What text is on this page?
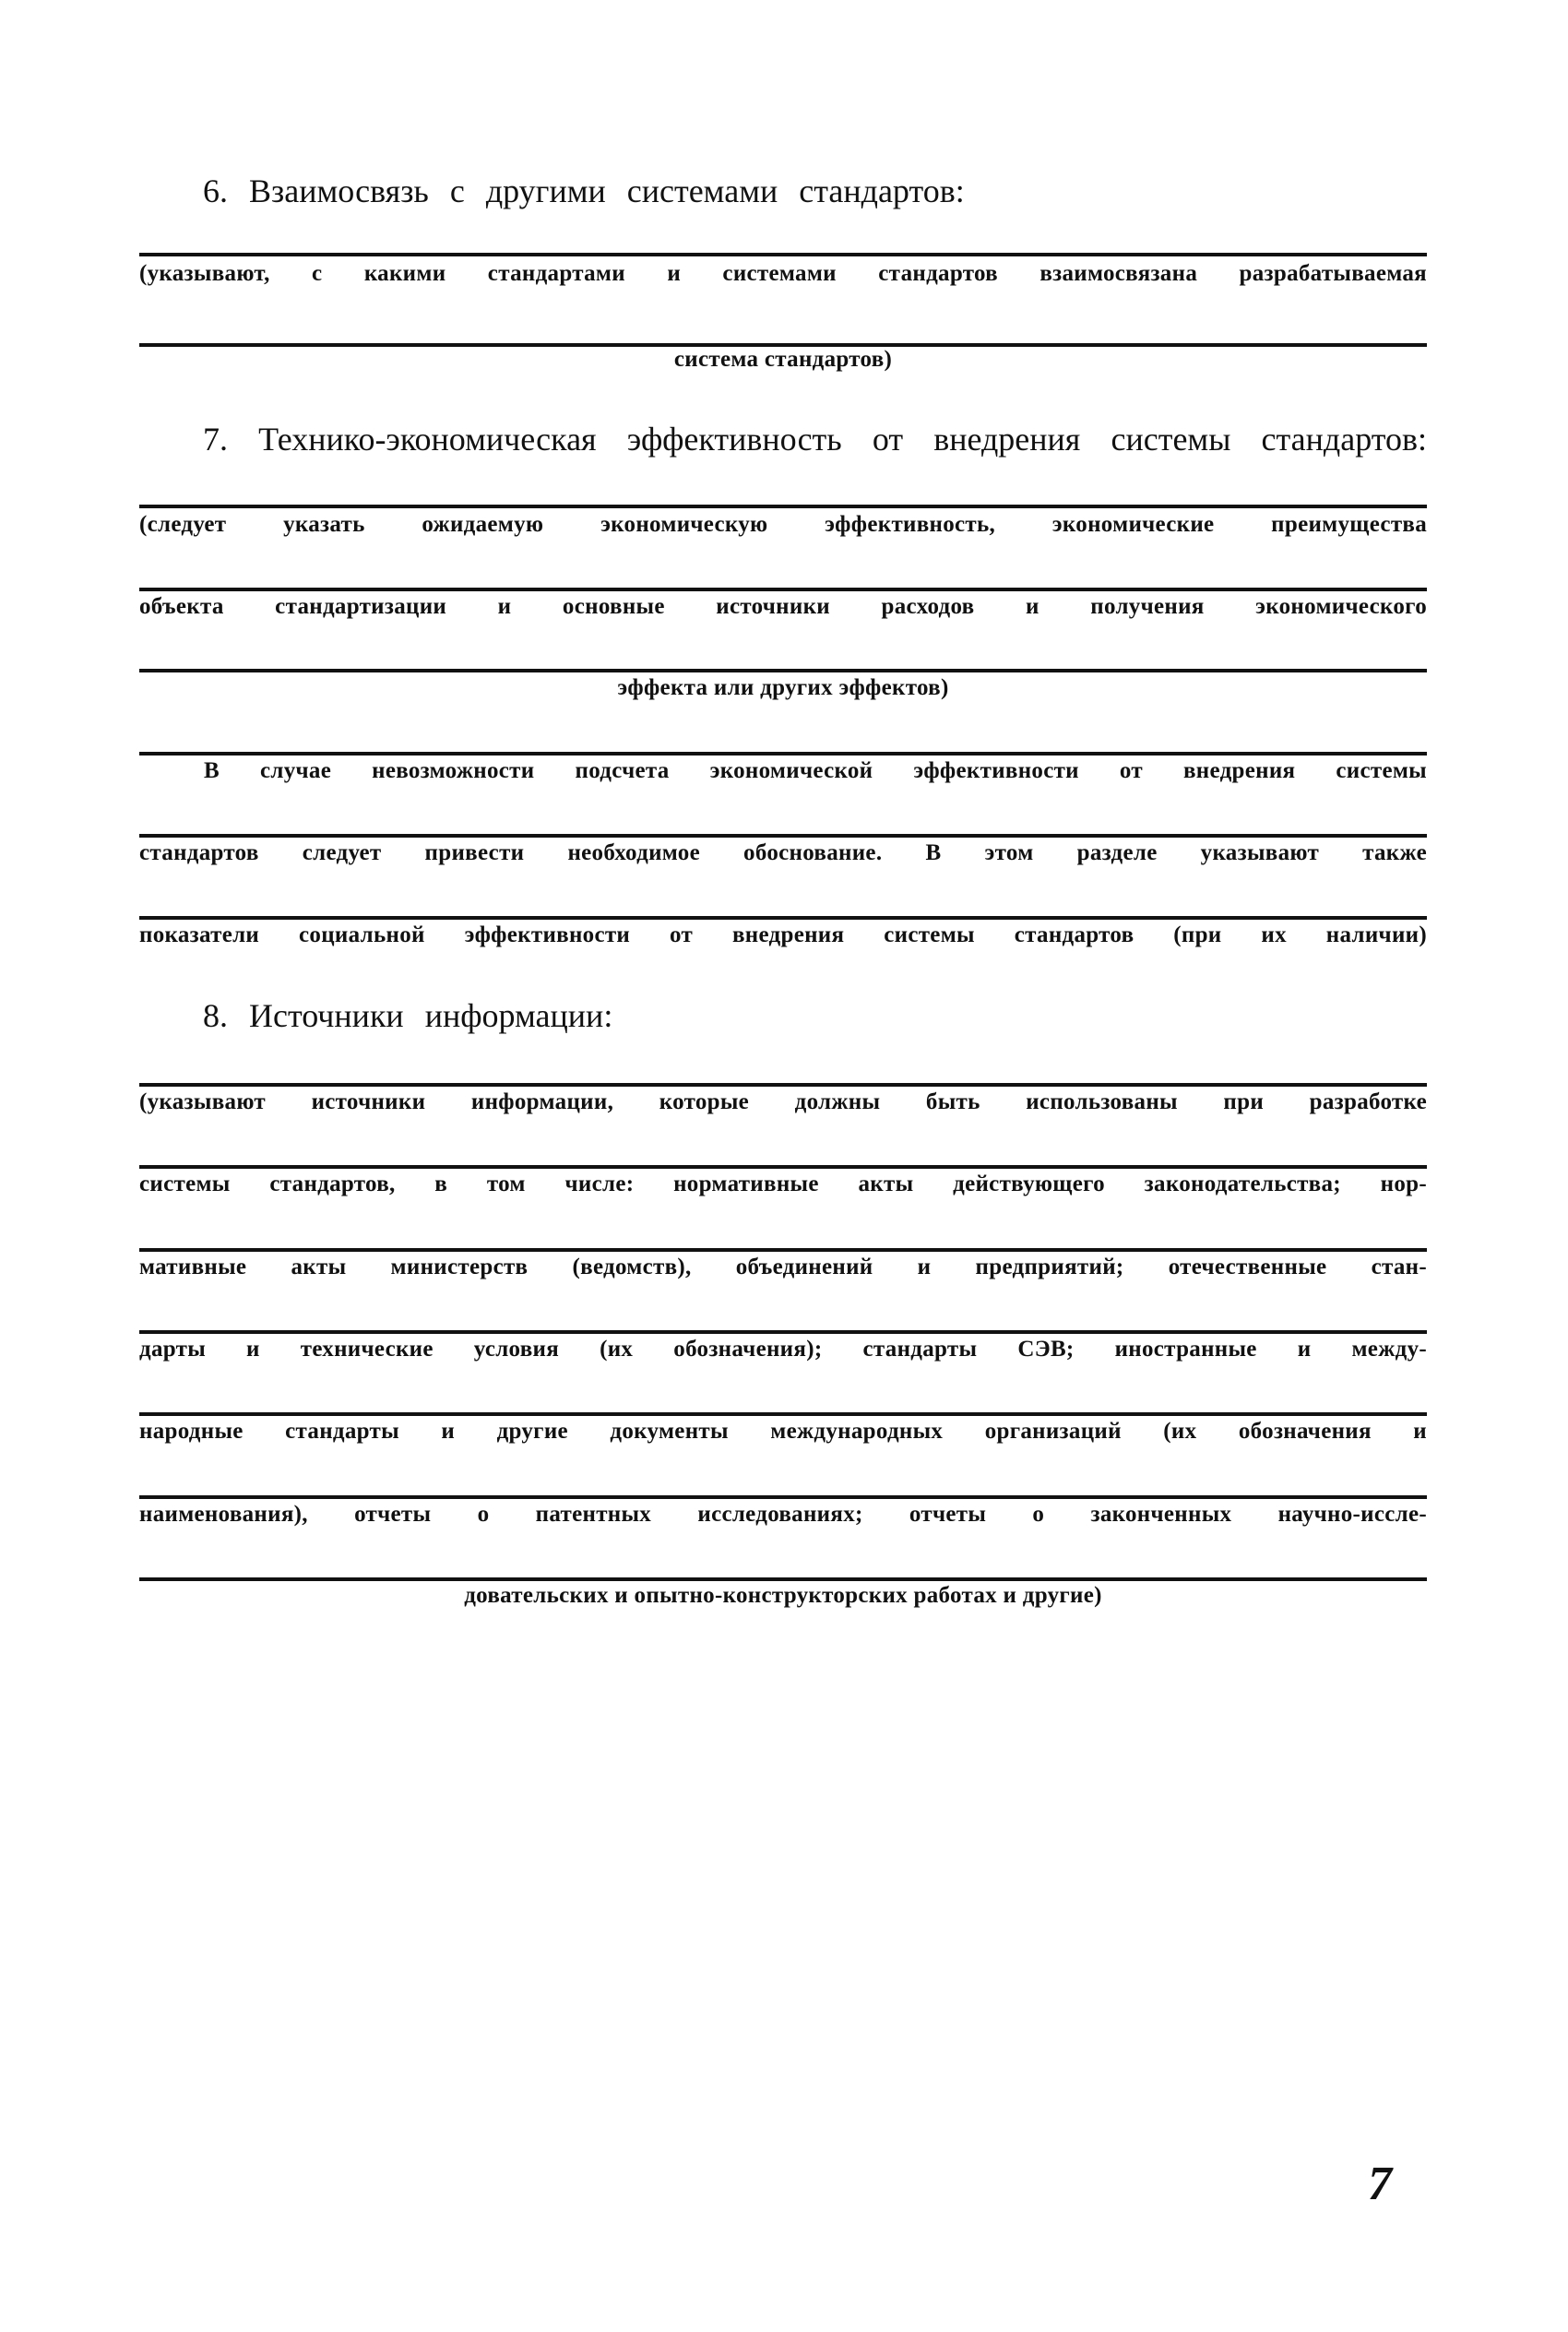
6. Взаимосвязь с другими системами стандартов:
(указывают, с какими стандартами и системами стандартов взаимосвязана разрабатываемая
система стандартов)
7. Технико-экономическая эффективность от внедрения системы стандартов:
(следует указать ожидаемую экономическую эффективность, экономические преимущества
объекта стандартизации и основные источники расходов и получения экономического
эффекта или других эффектов)
В случае невозможности подсчета экономической эффективности от внедрения системы
стандартов следует привести необходимое обоснование. В этом разделе указывают также
показатели социальной эффективности от внедрения системы стандартов (при их наличии)
8. Источники информации:
(указывают источники информации, которые должны быть использованы при разработке
системы стандартов, в том числе: нормативные акты действующего законодательства; нор-
мативные акты министерств (ведомств), объединений и предприятий; отечественные стан-
дарты и технические условия (их обозначения); стандарты СЭВ; иностранные и между-
народные стандарты и другие документы международных организаций (их обозначения и
наименования), отчеты о патентных исследованиях; отчеты о законченных научно-иссле-
довательских и опытно-конструкторских работах и другие)
7
